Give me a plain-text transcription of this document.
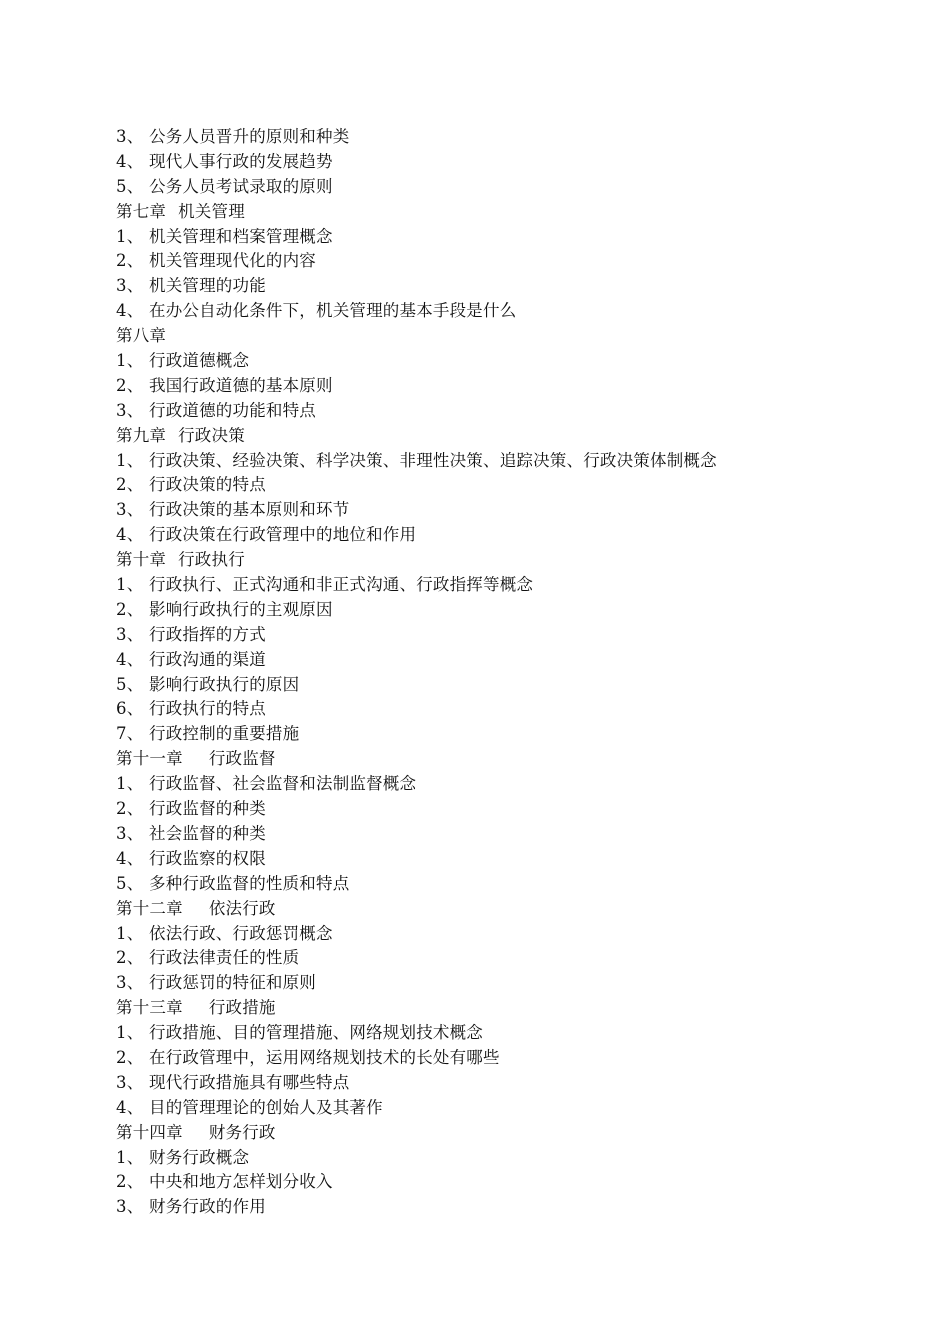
3、 公务人员晋升的原则和种类
4、 现代人事行政的发展趋势
5、 公务人员考试录取的原则
第七章 机关管理
1、 机关管理和档案管理概念
2、 机关管理现代化的内容
3、 机关管理的功能
4、 在办公自动化条件下，机关管理的基本手段是什么
第八章
1、 行政道德概念
2、 我国行政道德的基本原则
3、 行政道德的功能和特点
第九章 行政决策
1、 行政决策、经验决策、科学决策、非理性决策、追踪决策、行政决策体制概念
2、 行政决策的特点
3、 行政决策的基本原则和环节
4、 行政决策在行政管理中的地位和作用
第十章 行政执行
1、 行政执行、正式沟通和非正式沟通、行政指挥等概念
2、 影响行政执行的主观原因
3、 行政指挥的方式
4、 行政沟通的渠道
5、 影响行政执行的原因
6、 行政执行的特点
7、 行政控制的重要措施
第十一章 行政监督
1、 行政监督、社会监督和法制监督概念
2、 行政监督的种类
3、 社会监督的种类
4、 行政监察的权限
5、 多种行政监督的性质和特点
第十二章 依法行政
1、 依法行政、行政惩罚概念
2、 行政法律责任的性质
3、 行政惩罚的特征和原则
第十三章 行政措施
1、 行政措施、目的管理措施、网络规划技术概念
2、 在行政管理中，运用网络规划技术的长处有哪些
3、 现代行政措施具有哪些特点
4、 目的管理理论的创始人及其著作
第十四章 财务行政
1、 财务行政概念
2、 中央和地方怎样划分收入
3、 财务行政的作用
